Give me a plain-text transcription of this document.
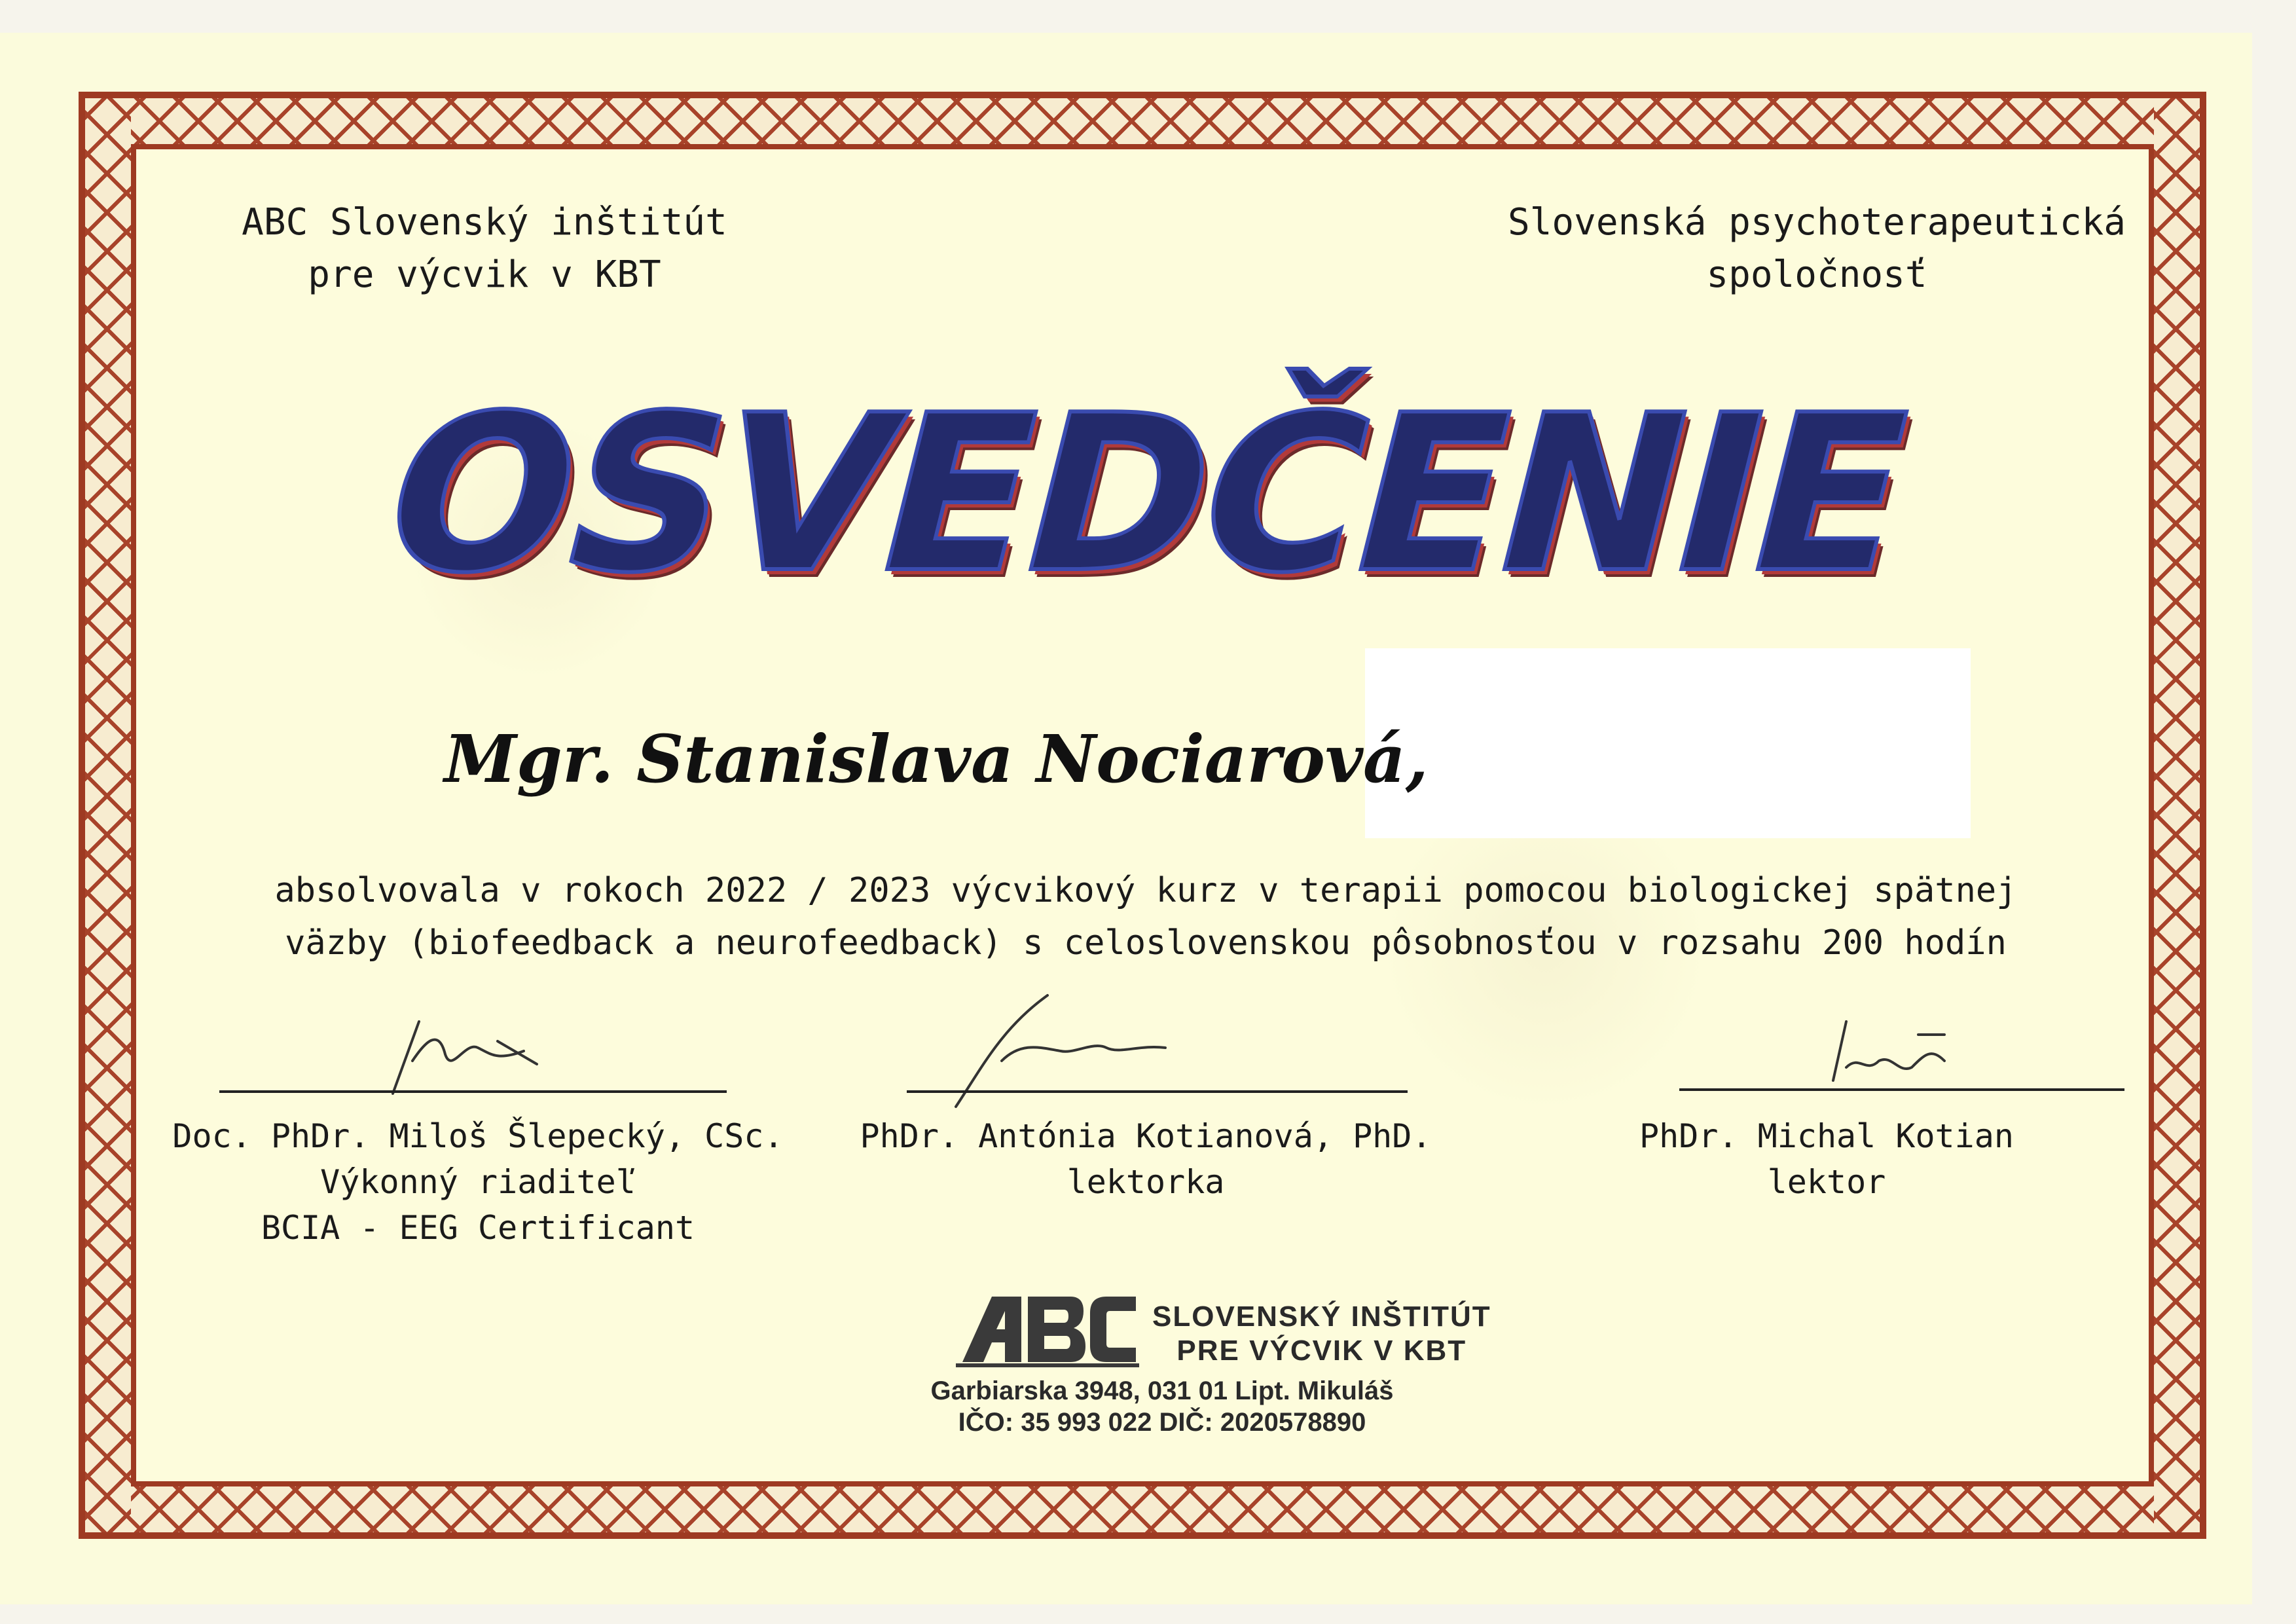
ABC Slovenský inštitút
pre výcvik v KBT
Slovenská psychoterapeutická
spoločnosť
OSVEDČENIE
Mgr. Stanislava Nociarová,
absolvovala v rokoch 2022 / 2023 výcvikový kurz v terapii pomocou biologickej spätnej
väzby (biofeedback a neurofeedback) s celoslovenskou pôsobnosťou v rozsahu 200 hodín
Doc. PhDr. Miloš Šlepecký, CSc.
Výkonný riaditeľ
BCIA - EEG Certificant
PhDr. Antónia Kotianová, PhD.
lektorka
PhDr. Michal Kotian
lektor
SLOVENSKÝ INŠTITÚT
PRE VÝCVIK V KBT
Garbiarska 3948, 031 01 Lipt. Mikuláš
IČO: 35 993 022 DIČ: 2020578890
